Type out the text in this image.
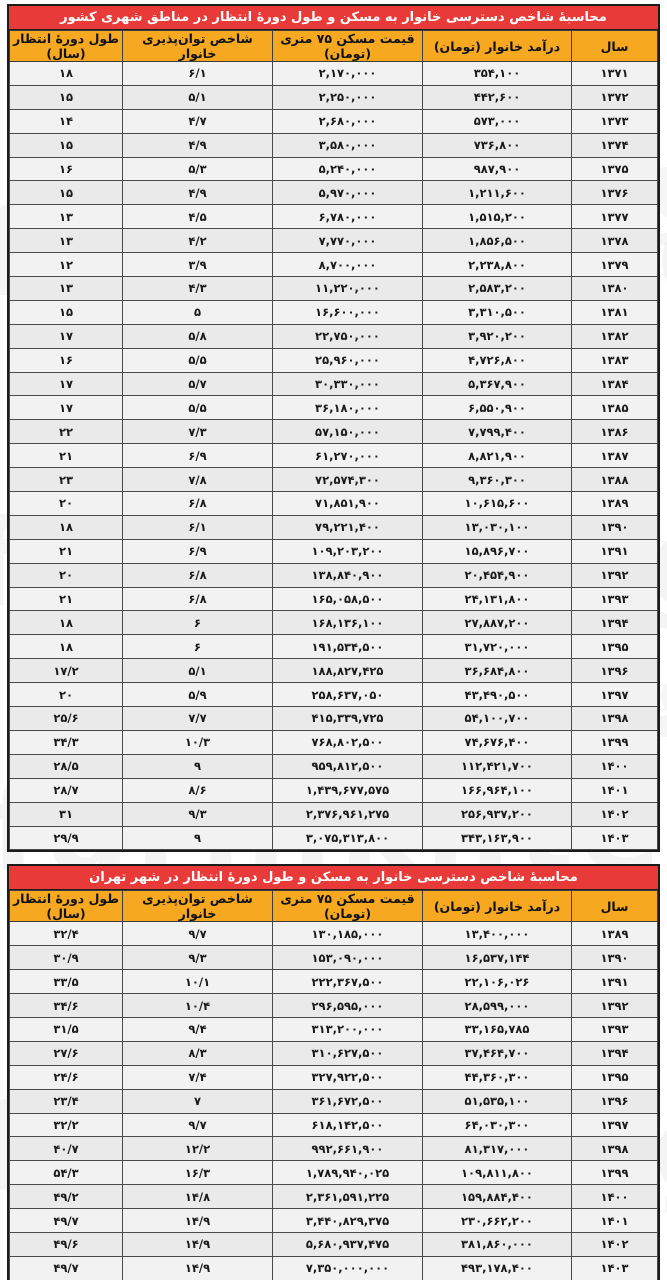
محاسبهٔ شاخص دسترسی خانوار به مسکن و طول دورهٔ انتظار در مناطق شهری کشور
سال	درآمد خانوار (تومان)	قیمت مسکن ۷۵ متری (تومان)	شاخص توان‌پذیری خانوار	طول دورهٔ انتظار (سال)
۱۳۷۱	۳۵۴,۱۰۰	۲,۱۷۰,۰۰۰	۶/۱	۱۸
۱۳۷۲	۴۴۲,۶۰۰	۲,۲۵۰,۰۰۰	۵/۱	۱۵
۱۳۷۳	۵۷۳,۰۰۰	۲,۶۸۰,۰۰۰	۴/۷	۱۴
۱۳۷۴	۷۳۶,۸۰۰	۳,۵۸۰,۰۰۰	۴/۹	۱۵
۱۳۷۵	۹۸۷,۹۰۰	۵,۲۴۰,۰۰۰	۵/۳	۱۶
۱۳۷۶	۱,۲۱۱,۶۰۰	۵,۹۷۰,۰۰۰	۴/۹	۱۵
۱۳۷۷	۱,۵۱۵,۲۰۰	۶,۷۸۰,۰۰۰	۴/۵	۱۳
۱۳۷۸	۱,۸۵۶,۵۰۰	۷,۷۷۰,۰۰۰	۴/۲	۱۳
۱۳۷۹	۲,۲۳۸,۸۰۰	۸,۷۰۰,۰۰۰	۳/۹	۱۲
۱۳۸۰	۲,۵۸۳,۲۰۰	۱۱,۲۲۰,۰۰۰	۴/۳	۱۳
۱۳۸۱	۳,۳۱۰,۵۰۰	۱۶,۶۰۰,۰۰۰	۵	۱۵
۱۳۸۲	۳,۹۲۰,۲۰۰	۲۲,۷۵۰,۰۰۰	۵/۸	۱۷
۱۳۸۳	۴,۷۲۶,۸۰۰	۲۵,۹۶۰,۰۰۰	۵/۵	۱۶
۱۳۸۴	۵,۳۶۷,۹۰۰	۳۰,۳۳۰,۰۰۰	۵/۷	۱۷
۱۳۸۵	۶,۵۵۰,۹۰۰	۳۶,۱۸۰,۰۰۰	۵/۵	۱۷
۱۳۸۶	۷,۷۹۹,۴۰۰	۵۷,۱۵۰,۰۰۰	۷/۳	۲۲
۱۳۸۷	۸,۸۲۱,۹۰۰	۶۱,۲۷۰,۰۰۰	۶/۹	۲۱
۱۳۸۸	۹,۳۶۰,۳۰۰	۷۲,۵۷۴,۳۰۰	۷/۸	۲۳
۱۳۸۹	۱۰,۶۱۵,۶۰۰	۷۱,۸۵۱,۹۰۰	۶/۸	۲۰
۱۳۹۰	۱۳,۰۳۰,۱۰۰	۷۹,۲۲۱,۴۰۰	۶/۱	۱۸
۱۳۹۱	۱۵,۸۹۶,۷۰۰	۱۰۹,۲۰۳,۲۰۰	۶/۹	۲۱
۱۳۹۲	۲۰,۴۵۴,۹۰۰	۱۳۸,۸۴۰,۹۰۰	۶/۸	۲۰
۱۳۹۳	۲۴,۱۳۱,۸۰۰	۱۶۵,۰۵۸,۵۰۰	۶/۸	۲۱
۱۳۹۴	۲۷,۸۸۷,۲۰۰	۱۶۸,۱۳۶,۱۰۰	۶	۱۸
۱۳۹۵	۳۱,۷۲۰,۰۰۰	۱۹۱,۵۳۴,۵۰۰	۶	۱۸
۱۳۹۶	۳۶,۶۸۴,۸۰۰	۱۸۸,۸۲۷,۴۲۵	۵/۱	۱۷/۲
۱۳۹۷	۴۳,۴۹۰,۵۰۰	۲۵۸,۶۳۷,۰۵۰	۵/۹	۲۰
۱۳۹۸	۵۴,۱۰۰,۷۰۰	۴۱۵,۳۳۹,۷۲۵	۷/۷	۲۵/۶
۱۳۹۹	۷۴,۶۷۶,۴۰۰	۷۶۸,۸۰۲,۵۰۰	۱۰/۳	۳۴/۳
۱۴۰۰	۱۱۲,۴۲۱,۷۰۰	۹۵۹,۸۱۲,۵۰۰	۹	۲۸/۵
۱۴۰۱	۱۶۶,۹۶۴,۱۰۰	۱,۴۳۹,۶۷۷,۵۷۵	۸/۶	۲۸/۷
۱۴۰۲	۲۵۶,۹۳۷,۲۰۰	۲,۳۷۶,۹۶۱,۲۷۵	۹/۳	۳۱
۱۴۰۳	۳۴۳,۱۶۳,۹۰۰	۳,۰۷۵,۳۱۳,۸۰۰	۹	۲۹/۹
محاسبهٔ شاخص دسترسی خانوار به مسکن و طول دورهٔ انتظار در شهر تهران
سال	درآمد خانوار (تومان)	قیمت مسکن ۷۵ متری (تومان)	شاخص توان‌پذیری خانوار	طول دورهٔ انتظار (سال)
۱۳۸۹	۱۳,۴۰۰,۰۰۰	۱۳۰,۱۸۵,۰۰۰	۹/۷	۳۲/۴
۱۳۹۰	۱۶,۵۳۷,۱۴۴	۱۵۳,۰۹۰,۰۰۰	۹/۳	۳۰/۹
۱۳۹۱	۲۲,۱۰۶,۰۲۶	۲۲۲,۳۶۷,۵۰۰	۱۰/۱	۳۳/۵
۱۳۹۲	۲۸,۵۹۹,۰۰۰	۲۹۶,۵۹۵,۰۰۰	۱۰/۴	۳۴/۶
۱۳۹۳	۳۳,۱۶۵,۷۸۵	۳۱۳,۲۰۰,۰۰۰	۹/۴	۳۱/۵
۱۳۹۴	۳۷,۴۶۴,۷۰۰	۳۱۰,۶۲۷,۵۰۰	۸/۳	۲۷/۶
۱۳۹۵	۴۴,۳۶۰,۳۰۰	۳۲۷,۹۲۲,۵۰۰	۷/۴	۲۴/۶
۱۳۹۶	۵۱,۵۳۵,۱۰۰	۳۶۱,۶۷۲,۵۰۰	۷	۲۳/۴
۱۳۹۷	۶۴,۰۳۰,۳۰۰	۶۱۸,۱۴۲,۵۰۰	۹/۷	۳۲/۲
۱۳۹۸	۸۱,۳۱۷,۰۰۰	۹۹۲,۶۶۱,۹۰۰	۱۲/۲	۴۰/۷
۱۳۹۹	۱۰۹,۸۱۱,۸۰۰	۱,۷۸۹,۹۴۰,۰۲۵	۱۶/۳	۵۴/۳
۱۴۰۰	۱۵۹,۸۸۴,۴۰۰	۲,۳۶۱,۵۹۱,۲۲۵	۱۴/۸	۴۹/۲
۱۴۰۱	۲۳۰,۶۶۲,۲۰۰	۳,۴۴۰,۸۲۹,۳۷۵	۱۴/۹	۴۹/۷
۱۴۰۲	۳۸۱,۸۶۰,۰۰۰	۵,۶۸۰,۹۳۷,۴۷۵	۱۴/۹	۴۹/۶
۱۴۰۳	۴۹۳,۱۷۸,۴۰۰	۷,۳۵۰,۰۰۰,۰۰۰	۱۴/۹	۴۹/۷
